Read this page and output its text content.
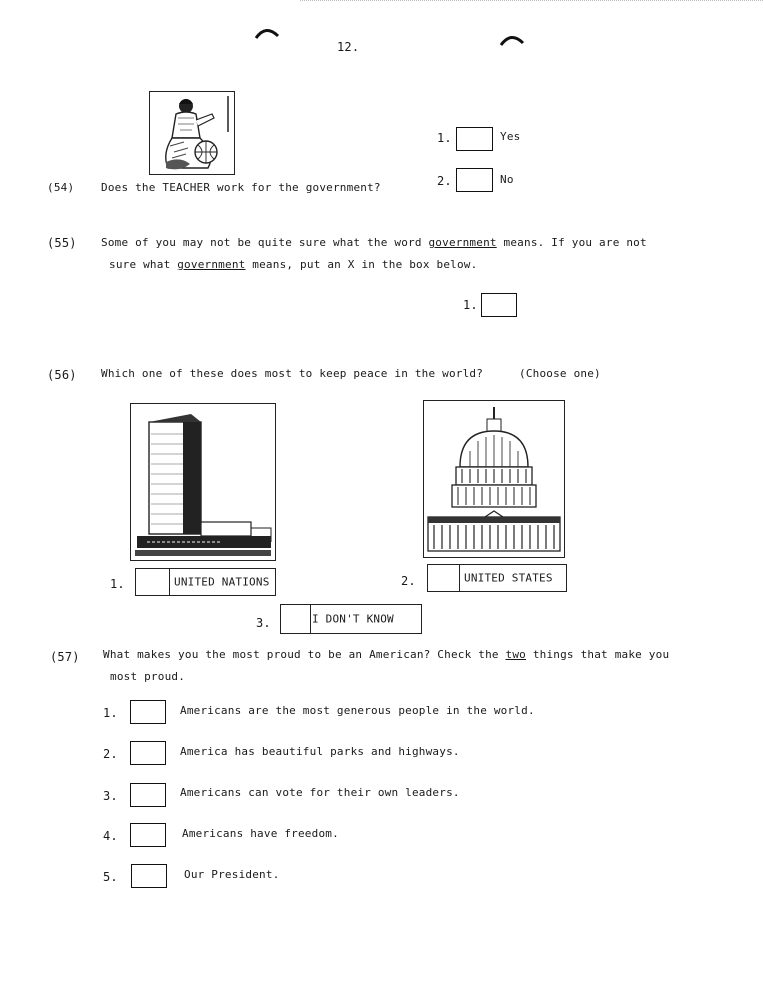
12.
(54) Does the TEACHER work for the government?
1.	Yes
2.	No
(55) Some of you may not be quite sure what the word government means. If you are not
sure what government means, put an X in the box below.
1.
(56) Which one of these does most to keep peace in the world?	(Choose one)
1.	UNITED NATIONS	2.	UNITED STATES
3.	I DON'T KNOW
(57) What makes you the most proud to be an American? Check the two things that make you
most proud.
1.	Americans are the most generous people in the world.
2.	America has beautiful parks and highways.
3.	Americans can vote for their own leaders.
4.	Americans have freedom.
5.	Our President.
